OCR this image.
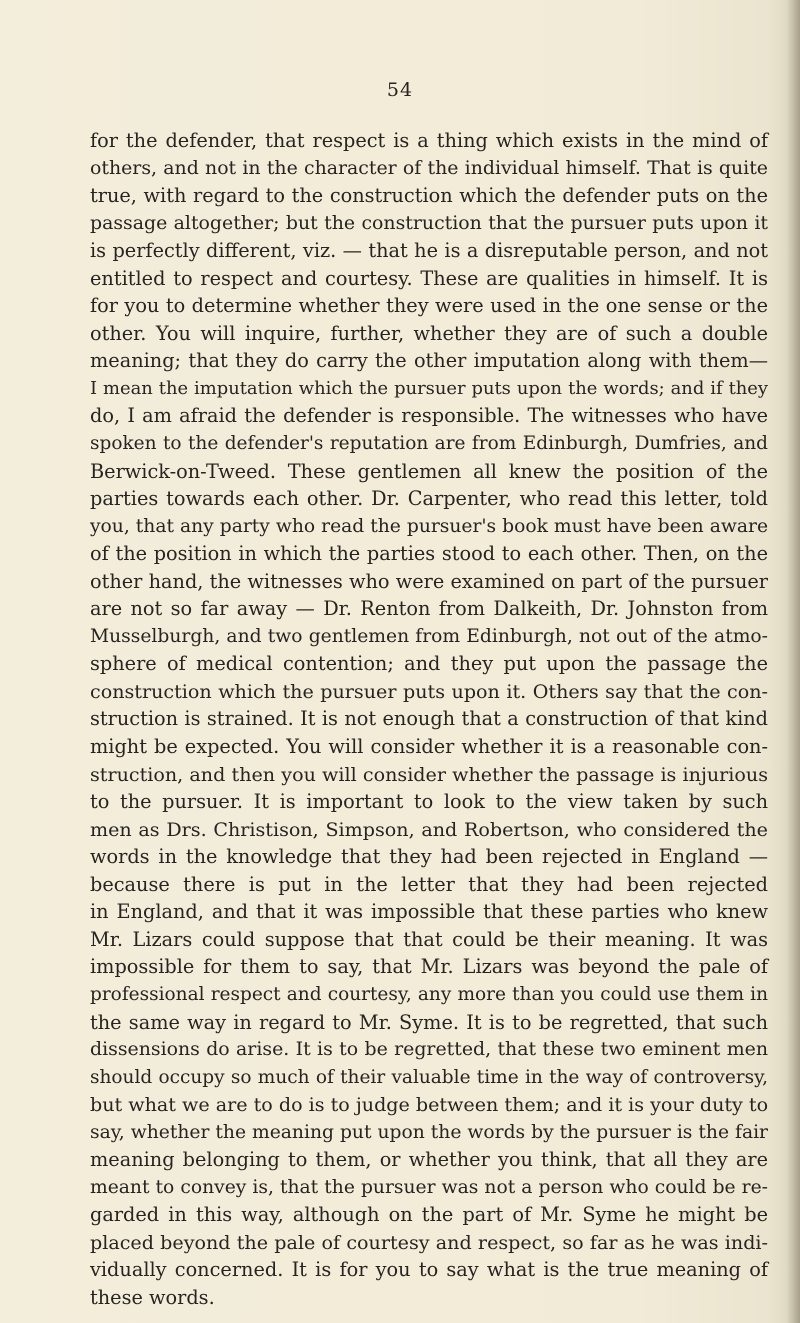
54
for the defender, that respect is a thing which exists in the mind of
others, and not in the character of the individual himself. That is quite
true, with regard to the construction which the defender puts on the
passage altogether; but the construction that the pursuer puts upon it
is perfectly different, viz. — that he is a disreputable person, and not
entitled to respect and courtesy. These are qualities in himself. It is
for you to determine whether they were used in the one sense or the
other. You will inquire, further, whether they are of such a double
meaning; that they do carry the other imputation along with them—
I mean the imputation which the pursuer puts upon the words; and if they
do, I am afraid the defender is responsible. The witnesses who have
spoken to the defender's reputation are from Edinburgh, Dumfries, and
Berwick-on-Tweed. These gentlemen all knew the position of the
parties towards each other. Dr. Carpenter, who read this letter, told
you, that any party who read the pursuer's book must have been aware
of the position in which the parties stood to each other. Then, on the
other hand, the witnesses who were examined on part of the pursuer
are not so far away — Dr. Renton from Dalkeith, Dr. Johnston from
Musselburgh, and two gentlemen from Edinburgh, not out of the atmo-
sphere of medical contention; and they put upon the passage the
construction which the pursuer puts upon it. Others say that the con-
struction is strained. It is not enough that a construction of that kind
might be expected. You will consider whether it is a reasonable con-
struction, and then you will consider whether the passage is injurious
to the pursuer. It is important to look to the view taken by such
men as Drs. Christison, Simpson, and Robertson, who considered the
words in the knowledge that they had been rejected in England —
because there is put in the letter that they had been rejected
in England, and that it was impossible that these parties who knew
Mr. Lizars could suppose that that could be their meaning. It was
impossible for them to say, that Mr. Lizars was beyond the pale of
professional respect and courtesy, any more than you could use them in
the same way in regard to Mr. Syme. It is to be regretted, that such
dissensions do arise. It is to be regretted, that these two eminent men
should occupy so much of their valuable time in the way of controversy,
but what we are to do is to judge between them; and it is your duty to
say, whether the meaning put upon the words by the pursuer is the fair
meaning belonging to them, or whether you think, that all they are
meant to convey is, that the pursuer was not a person who could be re-
garded in this way, although on the part of Mr. Syme he might be
placed beyond the pale of courtesy and respect, so far as he was indi-
vidually concerned. It is for you to say what is the true meaning of
these words.
